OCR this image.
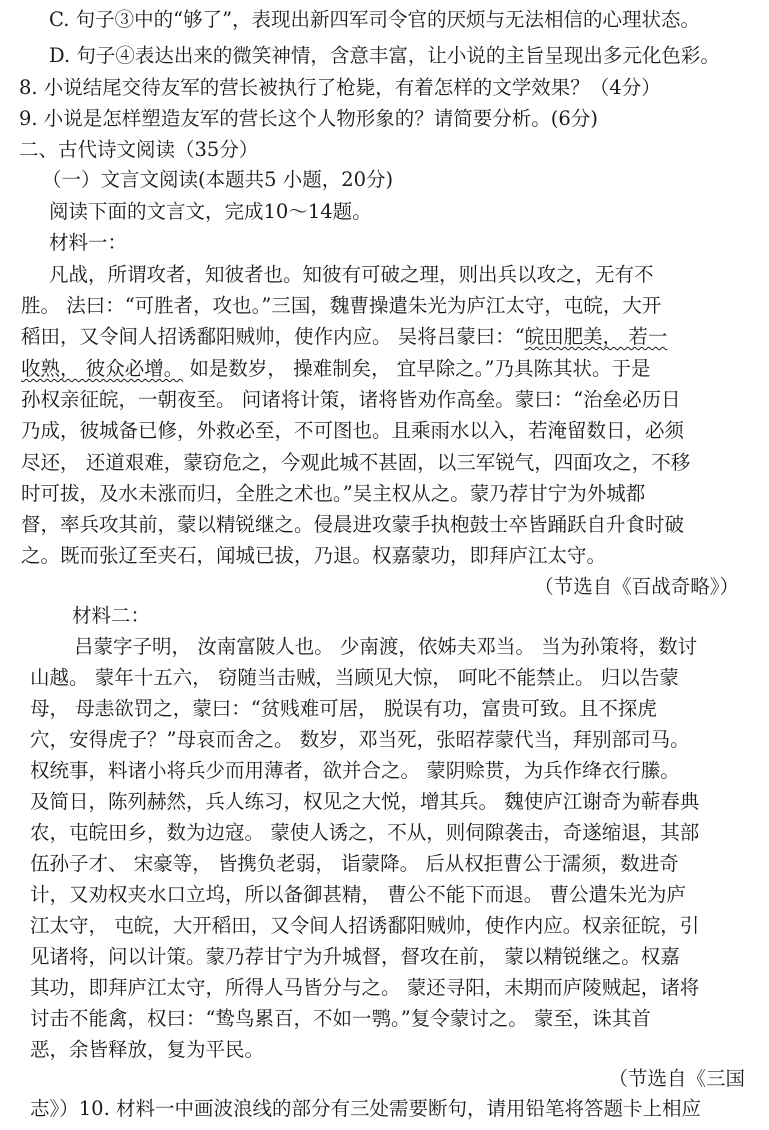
C. 句子③中的“够了”，表现出新四军司令官的厌烦与无法相信的心理状态。
D. 句子④表达出来的微笑神情，含意丰富，让小说的主旨呈现出多元化色彩。
8. 小说结尾交待友军的营长被执行了枪毙，有着怎样的文学效果？（4分）
9. 小说是怎样塑造友军的营长这个人物形象的？请简要分析。(6分)
二、古代诗文阅读（35分）
（一）文言文阅读(本题共5 小题，20分)
阅读下面的文言文，完成10～14题。
材料一：
凡战，所谓攻者，知彼者也。知彼有可破之理，则出兵以攻之，无有不
胜。 法曰：“可胜者，攻也。”三国，魏曹操遣朱光为庐江太守，屯皖，大开
稻田，又令间人招诱鄱阳贼帅，使作内应。 吴将吕蒙曰：“皖田肥美， 若一
收熟， 彼众必增。 如是数岁， 操难制矣， 宜早除之。”乃具陈其状。于是
孙权亲征皖，一朝夜至。 问诸将计策，诸将皆劝作高垒。蒙曰：“治垒必历日
乃成，彼城备已修，外救必至，不可图也。且乘雨水以入，若淹留数日，必须
尽还， 还道艰难，蒙窃危之，今观此城不甚固，以三军锐气，四面攻之，不移
时可拔，及水未涨而归，全胜之术也。”吴主权从之。蒙乃荐甘宁为外城都
督，率兵攻其前，蒙以精锐继之。侵晨进攻蒙手执枹鼓士卒皆踊跃自升食时破
之。既而张辽至夹石，闻城已拔，乃退。权嘉蒙功，即拜庐江太守。
（节选自《百战奇略》）
材料二：
吕蒙字子明， 汝南富陂人也。 少南渡，依姊夫邓当。 当为孙策将，数讨
山越。 蒙年十五六， 窃随当击贼，当顾见大惊， 呵叱不能禁止。 归以告蒙
母， 母恚欲罚之，蒙曰：“贫贱难可居， 脱误有功，富贵可致。且不探虎
穴，安得虎子？”母哀而舍之。 数岁，邓当死，张昭荐蒙代当，拜别部司马。
权统事，料诸小将兵少而用薄者，欲并合之。 蒙阴赊贳，为兵作绛衣行縢。
及简日，陈列赫然，兵人练习，权见之大悦，增其兵。 魏使庐江谢奇为蕲春典
农，屯皖田乡，数为边寇。 蒙使人诱之，不从，则伺隙袭击，奇遂缩退，其部
伍孙子才、 宋豪等， 皆携负老弱， 诣蒙降。 后从权拒曹公于濡须，数进奇
计，又劝权夹水口立坞，所以备御甚精， 曹公不能下而退。 曹公遣朱光为庐
江太守， 屯皖，大开稻田，又令间人招诱鄱阳贼帅，使作内应。权亲征皖，引
见诸将，问以计策。蒙乃荐甘宁为升城督，督攻在前， 蒙以精锐继之。权嘉
其功，即拜庐江太守，所得人马皆分与之。 蒙还寻阳，未期而庐陵贼起，诸将
讨击不能禽，权曰：“鸷鸟累百，不如一鹗。”复令蒙讨之。 蒙至，诛其首
恶，余皆释放，复为平民。
（节选自《三国
志》）10. 材料一中画波浪线的部分有三处需要断句，请用铅笔将答题卡上相应
